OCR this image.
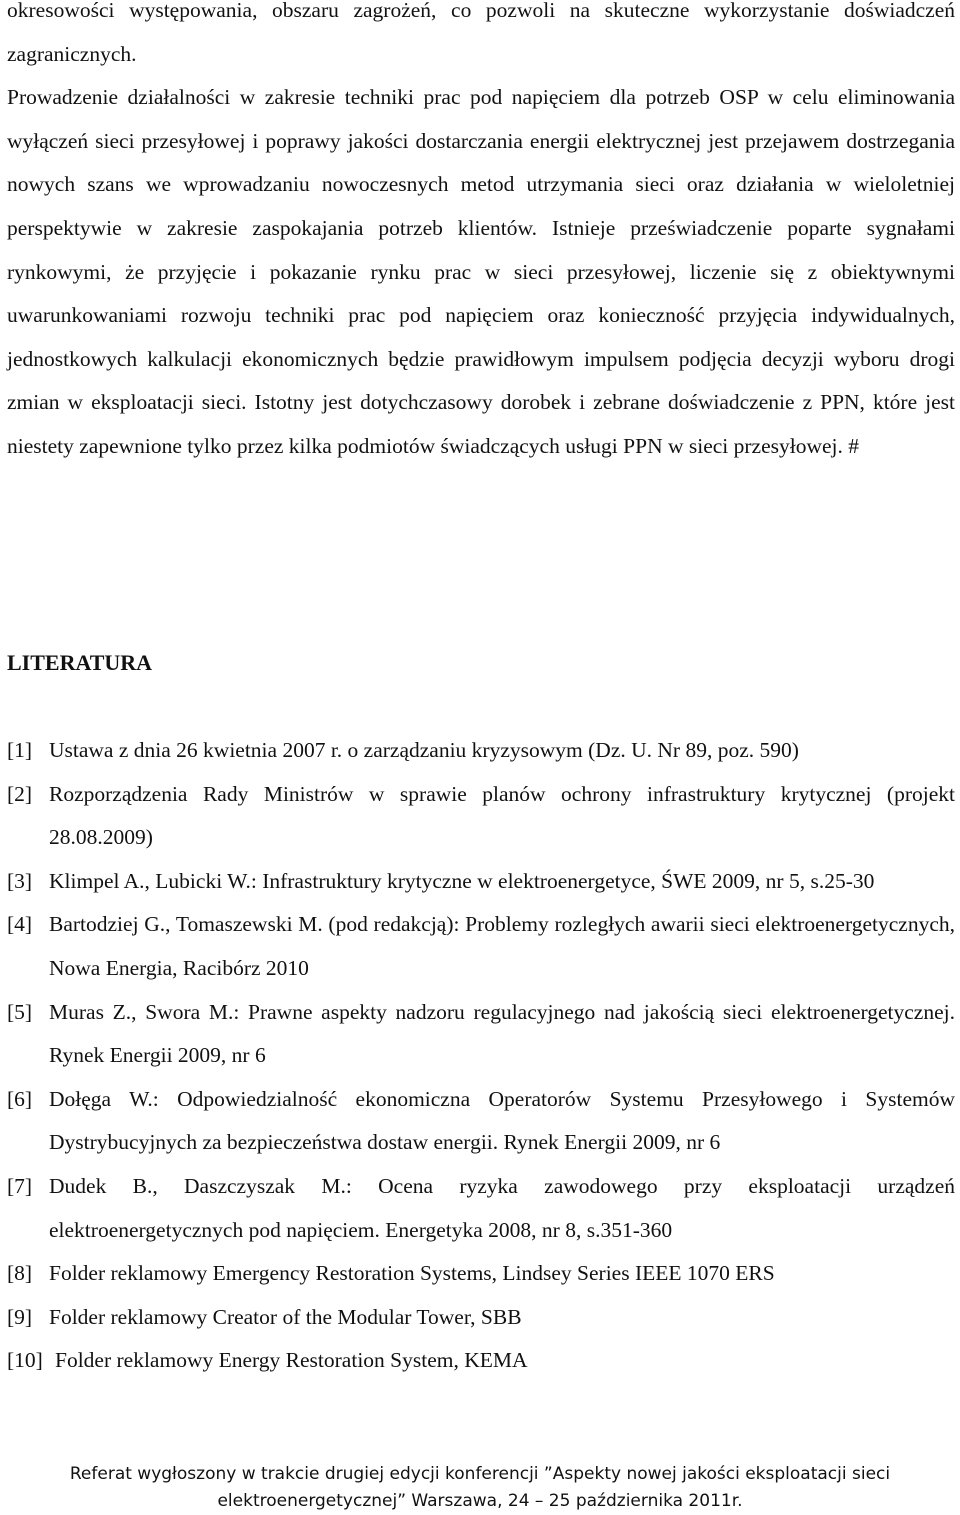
okresowości występowania, obszaru zagrożeń, co pozwoli na skuteczne wykorzystanie doświadczeń zagranicznych.

Prowadzenie działalności w zakresie techniki prac pod napięciem dla potrzeb OSP w celu eliminowania wyłączeń sieci przesyłowej i poprawy jakości dostarczania energii elektrycznej jest przejawem dostrzegania nowych szans we wprowadzaniu nowoczesnych metod utrzymania sieci oraz działania w wieloletniej perspektywie w zakresie zaspokajania potrzeb klientów. Istnieje przeświadczenie poparte sygnałami rynkowymi, że przyjęcie i pokazanie rynku prac w sieci przesyłowej, liczenie się z obiektywnymi uwarunkowaniami rozwoju techniki prac pod napięciem oraz konieczność przyjęcia indywidualnych, jednostkowych kalkulacji ekonomicznych będzie prawidłowym impulsem podjęcia decyzji wyboru drogi zmian w eksploatacji sieci. Istotny jest dotychczasowy dorobek i zebrane doświadczenie z PPN, które jest niestety zapewnione tylko przez kilka podmiotów świadczących usługi PPN w sieci przesyłowej. #

LITERATURA
[1] Ustawa z dnia 26 kwietnia 2007 r. o zarządzaniu kryzysowym (Dz. U. Nr 89, poz. 590)
[2] Rozporządzenia Rady Ministrów w sprawie planów ochrony infrastruktury krytycznej (projekt 28.08.2009)
[3] Klimpel A., Lubicki W.: Infrastruktury krytyczne w elektroenergetyce, ŚWE 2009, nr 5, s.25-30
[4] Bartodziej G., Tomaszewski M. (pod redakcją): Problemy rozległych awarii sieci elektroenergetycznych, Nowa Energia, Racibórz 2010
[5] Muras Z., Swora M.: Prawne aspekty nadzoru regulacyjnego nad jakością sieci elektroenergetycznej. Rynek Energii 2009, nr 6
[6] Dołęga W.: Odpowiedzialność ekonomiczna Operatorów Systemu Przesyłowego i Systemów Dystrybucyjnych za bezpieczeństwa dostaw energii. Rynek Energii 2009, nr 6
[7] Dudek B., Daszczyszak M.: Ocena ryzyka zawodowego przy eksploatacji urządzeń elektroenergetycznych pod napięciem. Energetyka 2008, nr 8, s.351-360
[8] Folder reklamowy Emergency Restoration Systems, Lindsey Series IEEE 1070 ERS
[9] Folder reklamowy Creator of the Modular Tower, SBB
[10] Folder reklamowy Energy Restoration System, KEMA
Referat wygłoszony w trakcie drugiej edycji konferencji ”Aspekty nowej jakości eksploatacji sieci
elektroenergetycznej” Warszawa, 24 – 25 października 2011r.
